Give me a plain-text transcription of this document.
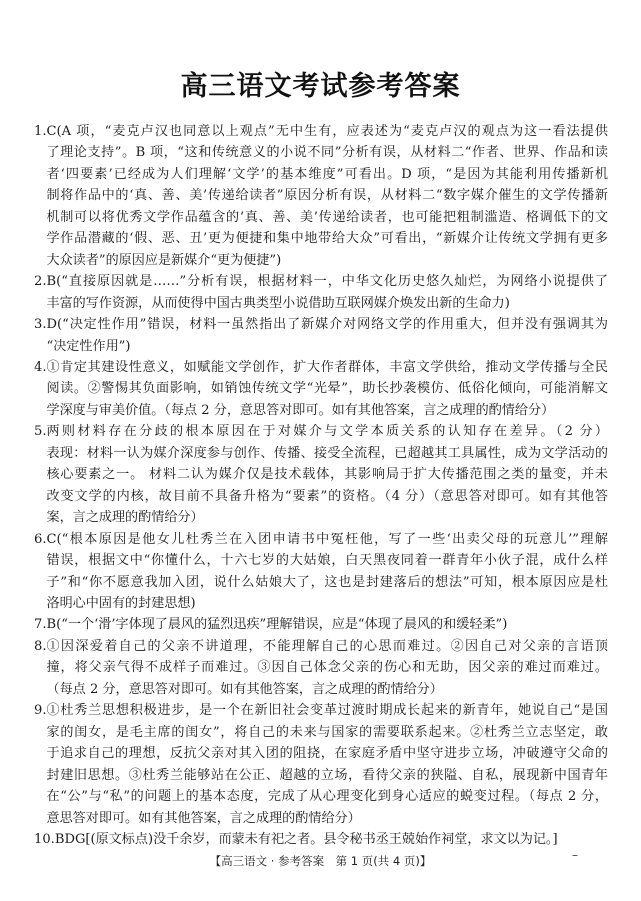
高三语文考试参考答案
1. C(A 项，“麦克卢汉也同意以上观点”无中生有，应表述为“麦克卢汉的观点为这一看法提供
了理论支持”。B 项，“这和传统意义的小说不同”分析有误，从材料二“作者、世界、作品和读
者‘四要素’已经成为人们理解‘文学’的基本维度”可看出。D 项，“是因为其能利用传播新机
制将作品中的‘真、善、美’传递给读者”原因分析有误，从材料二“数字媒介催生的文学传播新
机制可以将优秀文学作品蕴含的‘真、善、美’传递给读者，也可能把粗制滥造、格调低下的文
学作品潜藏的‘假、恶、丑’更为便捷和集中地带给大众”可看出，“新媒介让传统文学拥有更多
大众读者”的原因应是新媒介“更为便捷”)
2. B(“直接原因就是……”分析有误，根据材料一，中华文化历史悠久灿烂，为网络小说提供了
丰富的写作资源，从而使得中国古典类型小说借助互联网媒介焕发出新的生命力)
3. D(“决定性作用”错误，材料一虽然指出了新媒介对网络文学的作用重大，但并没有强调其为
“决定性作用”)
4. ①肯定其建设性意义，如赋能文学创作，扩大作者群体，丰富文学供给，推动文学传播与全民
阅读。②警惕其负面影响，如销蚀传统文学“光晕”，助长抄袭模仿、低俗化倾向，可能消解文
学深度与审美价值。（每点 2 分，意思答对即可。如有其他答案，言之成理的酌情给分）
5. 两则材料存在分歧的根本原因在于对媒介与文学本质关系的认知存在差异。（2 分）
表现：材料一认为媒介深度参与创作、传播、接受全流程，已超越其工具属性，成为文学活动的
核心要素之一。 材料二认为媒介仅是技术载体，其影响局于扩大传播范围之类的量变，并未
改变文学的内核，故目前不具备升格为“要素”的资格。（4 分）（意思答对即可。如有其他答
案，言之成理的酌情给分）
6. C(“根本原因是他女儿杜秀兰在入团申请书中冤枉他，写了一些‘出卖父母的玩意儿’”理解
错误，根据文中“你懂什么，十六七岁的大姑娘，白天黑夜同着一群青年小伙子混，成什么样
子”和“你不愿意我加入团，说什么姑娘大了，这也是封建落后的想法”可知，根本原因应是杜
洛明心中固有的封建思想)
7. B(“一个‘滑’字体现了晨风的猛烈迅疾”理解错误，应是“体现了晨风的和缓轻柔”)
8. ①因深爱着自己的父亲不讲道理，不能理解自己的心思而难过。②因自己对父亲的言语顶
撞，将父亲气得不成样子而难过。③因自己体念父亲的伤心和无助，因父亲的难过而难过。
（每点 2 分，意思答对即可。如有其他答案，言之成理的酌情给分）
9. ①杜秀兰思想积极进步，是一个在新旧社会变革过渡时期成长起来的新青年，她说自己“是国
家的闺女，是毛主席的闺女”，将自己的未来与国家的需要联系起来。②杜秀兰立志坚定，敢
于追求自己的理想，反抗父亲对其入团的阻挠，在家庭矛盾中坚守进步立场，冲破遵守父命的
封建旧思想。③杜秀兰能够站在公正、超越的立场，看待父亲的狭隘、自私，展现新中国青年
在“公”与“私”的问题上的基本态度，完成了从心理变化到身心适应的蜕变过程。（每点 2 分，
意思答对即可。如有其他答案，言之成理的酌情给分）
10. BDG[(原文标点)没千余岁，而蒙未有祀之者。县令秘书丞王兢始作祠堂，求文以为记。]
【高三语文 · 参考答案　第 1 页(共 4 页)】	–
